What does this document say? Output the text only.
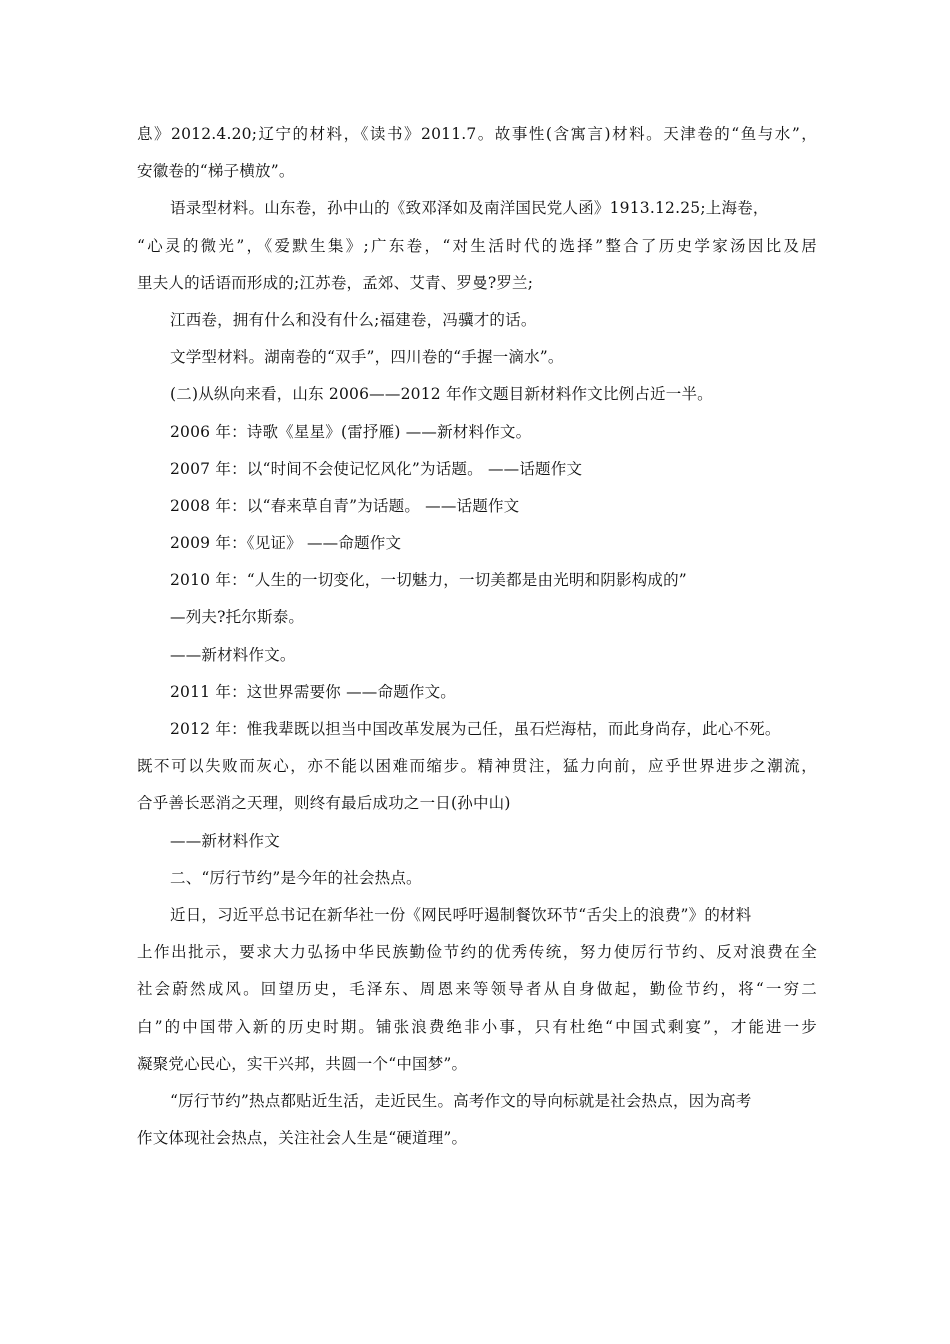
息》2012.4.20;辽宁的材料，《读书》2011.7。故事性(含寓言)材料。天津卷的“鱼与水”，
安徽卷的“梯子横放”。
语录型材料。山东卷，孙中山的《致邓泽如及南洋国民党人函》1913.12.25;上海卷，
“心灵的微光”，《爱默生集》;广东卷，“对生活时代的选择”整合了历史学家汤因比及居
里夫人的话语而形成的;江苏卷，孟郊、艾青、罗曼?罗兰;
江西卷，拥有什么和没有什么;福建卷，冯骥才的话。
文学型材料。湖南卷的“双手”，四川卷的“手握一滴水”。
(二)从纵向来看，山东 2006——2012 年作文题目新材料作文比例占近一半。
2006 年：诗歌《星星》(雷抒雁) ——新材料作文。
2007 年：以“时间不会使记忆风化”为话题。 ——话题作文
2008 年：以“春来草自青”为话题。 ——话题作文
2009 年：《见证》 ——命题作文
2010 年：“人生的一切变化，一切魅力，一切美都是由光明和阴影构成的”
—列夫?托尔斯泰。
——新材料作文。
2011 年：这世界需要你 ——命题作文。
2012 年：惟我辈既以担当中国改革发展为己任，虽石烂海枯，而此身尚存，此心不死。
既不可以失败而灰心，亦不能以困难而缩步。精神贯注，猛力向前，应乎世界进步之潮流，
合乎善长恶消之天理，则终有最后成功之一日(孙中山)
——新材料作文
二、“厉行节约”是今年的社会热点。
近日，习近平总书记在新华社一份《网民呼吁遏制餐饮环节“舌尖上的浪费”》的材料
上作出批示，要求大力弘扬中华民族勤俭节约的优秀传统，努力使厉行节约、反对浪费在全
社会蔚然成风。回望历史，毛泽东、周恩来等领导者从自身做起，勤俭节约，将“一穷二
白”的中国带入新的历史时期。铺张浪费绝非小事，只有杜绝“中国式剩宴”，才能进一步
凝聚党心民心，实干兴邦，共圆一个“中国梦”。
“厉行节约”热点都贴近生活，走近民生。高考作文的导向标就是社会热点，因为高考
作文体现社会热点，关注社会人生是“硬道理”。
